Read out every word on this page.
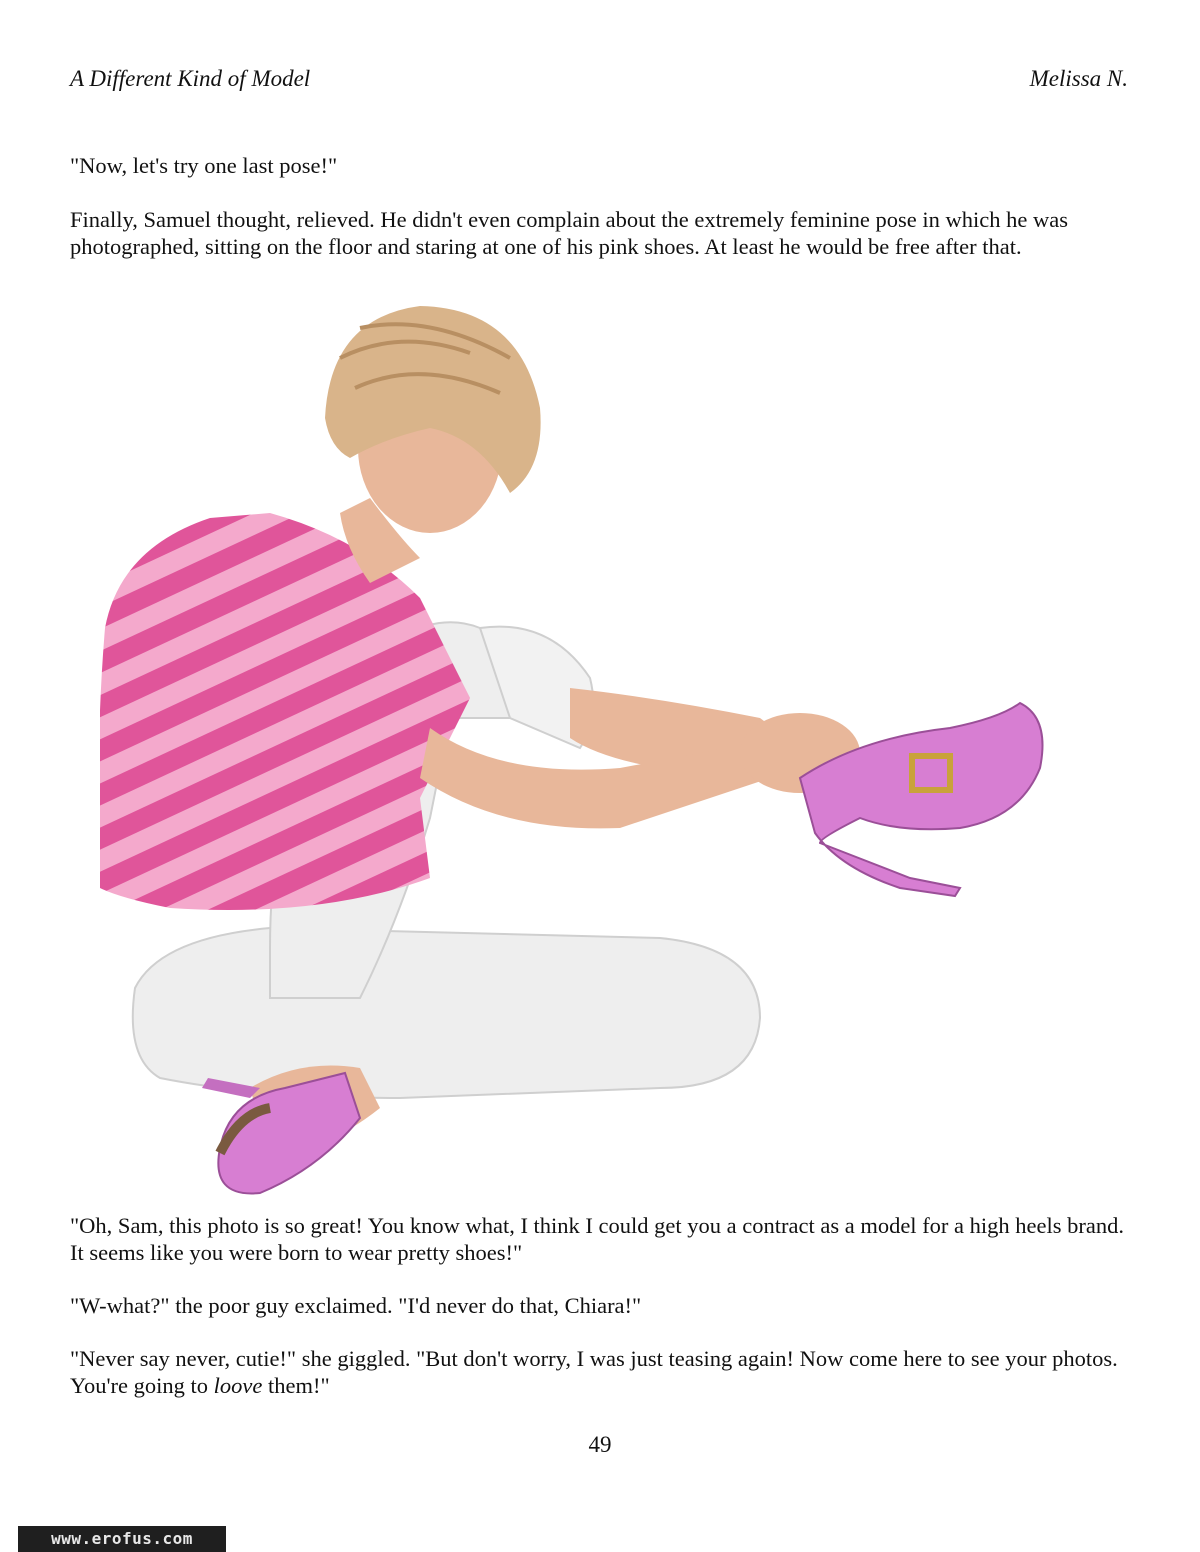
A Different Kind of Model	Melissa N.

"Now, let's try one last pose!"

Finally, Samuel thought, relieved. He didn't even complain about the extremely feminine pose in which he was photographed, sitting on the floor and staring at one of his pink shoes. At least he would be free after that.

"Oh, Sam, this photo is so great! You know what, I think I could get you a contract as a model for a high heels brand. It seems like you were born to wear pretty shoes!"

"W-what?" the poor guy exclaimed. "I'd never do that, Chiara!"

"Never say never, cutie!" she giggled. "But don't worry, I was just teasing again! Now come here to see your photos. You're going to loove them!"

49
www.erofus.com
